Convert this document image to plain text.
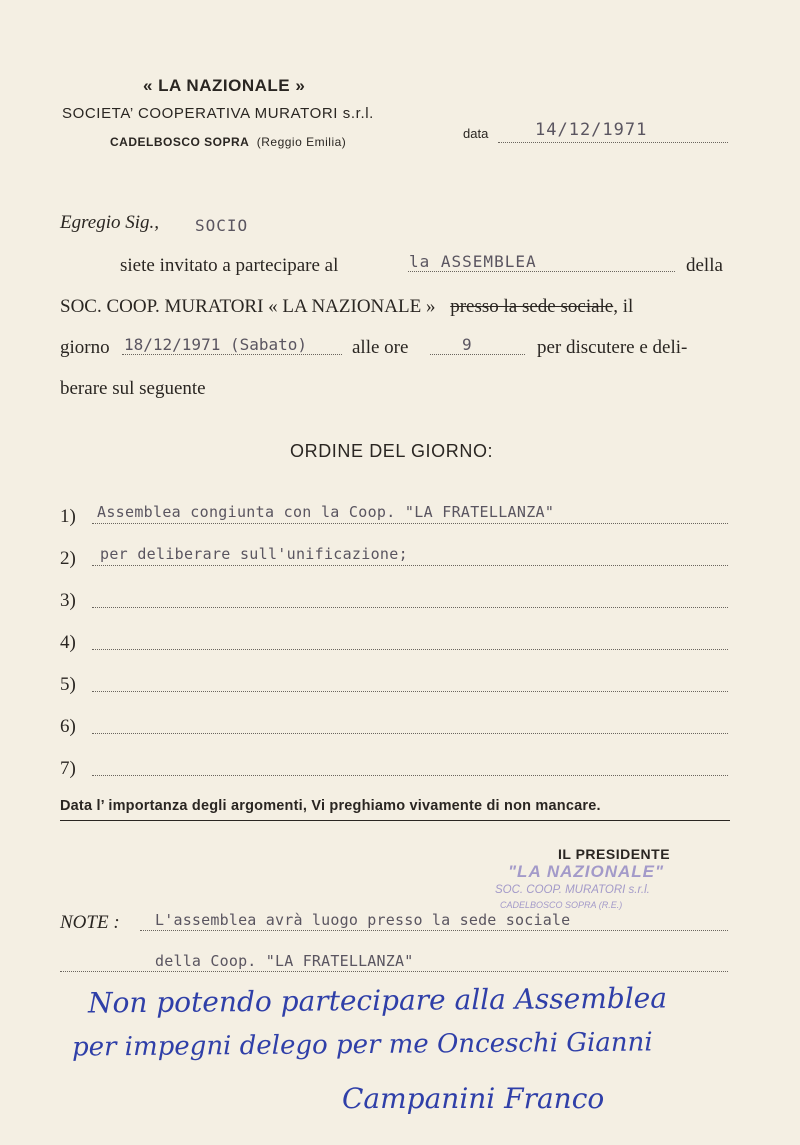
« LA NAZIONALE »
SOCIETA’ COOPERATIVA MURATORI s.r.l.
CADELBOSCO SOPRA (Reggio Emilia)
data	14/12/1971
Egregio Sig., SOCIO
siete invitato a partecipare al	la ASSEMBLEA	della
SOC. COOP. MURATORI « LA NAZIONALE » presso la sede sociale, il
giorno 18/12/1971 (Sabato) alle ore	9	per discutere e deli-
berare sul seguente
ORDINE DEL GIORNO:
1) Assemblea congiunta con la Coop. "LA FRATELLANZA"
2) per deliberare sull'unificazione;
3)
4)
5)
6)
7)
Data l’ importanza degli argomenti, Vi preghiamo vivamente di non mancare.
IL PRESIDENTE
"LA NAZIONALE"
SOC. COOP. MURATORI s.r.l.
CADELBOSCO SOPRA (R.E.)
NOTE : L'assemblea avrà luogo presso la sede sociale
della Coop. "LA FRATELLANZA"
Non potendo partecipare alla Assemblea
per impegni delego per me Onceschi Gianni
Campanini Franco
